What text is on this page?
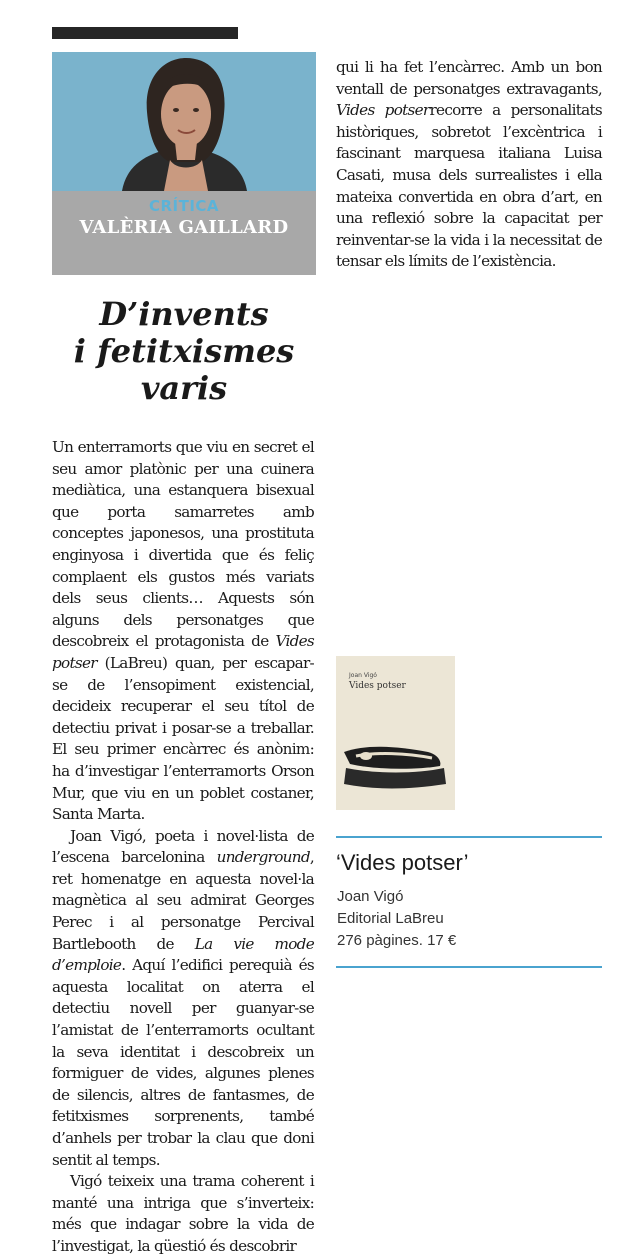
CRÍTICA
VALÈRIA GAILLARD
D’invents
i fetitxismes
varis

Un enterramorts que viu en secret el seu amor platònic per una cuinera mediàtica, una estanquera bisexual que porta samarretes amb conceptes japonesos, una prostituta enginyosa i divertida que és feliç complaent els gustos més variats dels seus clients… Aquests són alguns dels personatges que descobreix el protagonista de Vides potser (LaBreu) quan, per escapar-se de l’ensopiment existencial, decideix recuperar el seu títol de detectiu privat i posar-se a treballar. El seu primer encàrrec és anònim: ha d’investigar l’enterramorts Orson Mur, que viu en un poblet costaner, Santa Marta.

Joan Vigó, poeta i novel·lista de l’escena barcelonina underground, ret homenatge en aquesta novel·la magnètica al seu admirat Georges Perec i al personatge Percival Bartlebooth de La vie mode d’emploie. Aquí l’edifici perequià és aquesta localitat on aterra el detectiu novell per guanyar-se l’amistat de l’enterramorts ocultant la seva identitat i descobreix un formiguer de vides, algunes plenes de silencis, altres de fantasmes, de fetitxismes sorprenents, també d’anhels per trobar la clau que doni sentit al temps.

Vigó teixeix una trama coherent i manté una intriga que s’inverteix: més que indagar sobre la vida de l’investigat, la qüestió és descobrir

Joan Vigó
Vides potser
‘Vides potser’
Joan Vigó
Editorial LaBreu
276 pàgines. 17 €

qui li ha fet l’encàrrec. Amb un bon ventall de personatges extravagants, Vides potserrecorre a personalitats històriques, sobretot l’excèntrica i fascinant marquesa italiana Luisa Casati, musa dels surrealistes i ella mateixa convertida en obra d’art, en una reflexió sobre la capacitat per reinventar-se la vida i la necessitat de tensar els límits de l’existència.
